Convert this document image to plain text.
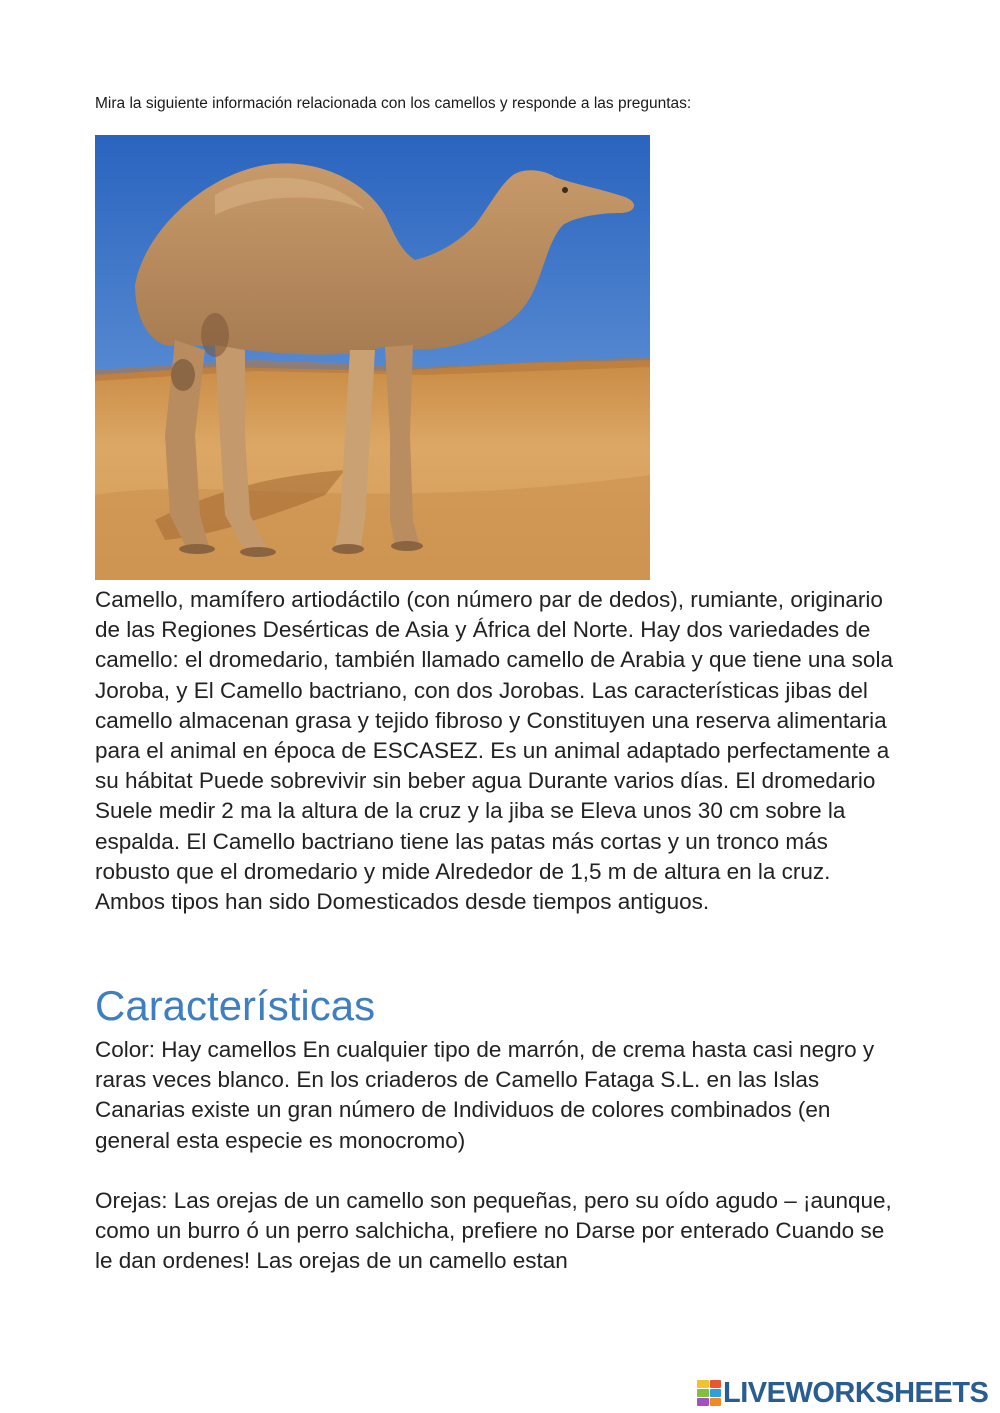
Mira la siguiente información relacionada con los camellos y responde a las preguntas:

Camello, mamífero artiodáctilo (con número par de dedos), rumiante, originario de las Regiones Desérticas de Asia y África del Norte. Hay dos variedades de camello: el dromedario, también llamado camello de Arabia y que tiene una sola Joroba, y El Camello bactriano, con dos Jorobas. Las características jibas del camello almacenan grasa y tejido fibroso y Constituyen una reserva alimentaria para el animal en época de ESCASEZ. Es un animal adaptado perfectamente a su hábitat Puede sobrevivir sin beber agua Durante varios días. El dromedario Suele medir 2 ma la altura de la cruz y la jiba se Eleva unos 30 cm sobre la espalda. El Camello bactriano tiene las patas más cortas y un tronco más robusto que el dromedario y mide Alrededor de 1,5 m de altura en la cruz. Ambos tipos han sido Domesticados desde tiempos antiguos.

Características

Color: Hay camellos En cualquier tipo de marrón, de crema hasta casi negro y raras veces blanco. En los criaderos de Camello Fataga S.L. en las Islas Canarias existe un gran número de Individuos de colores combinados (en general esta especie es monocromo)

Orejas: Las orejas de un camello son pequeñas, pero su oído agudo – ¡aunque, como un burro ó un perro salchicha, prefiere no Darse por enterado Cuando se le dan ordenes! Las orejas de un camello estan

LIVEWORKSHEETS
